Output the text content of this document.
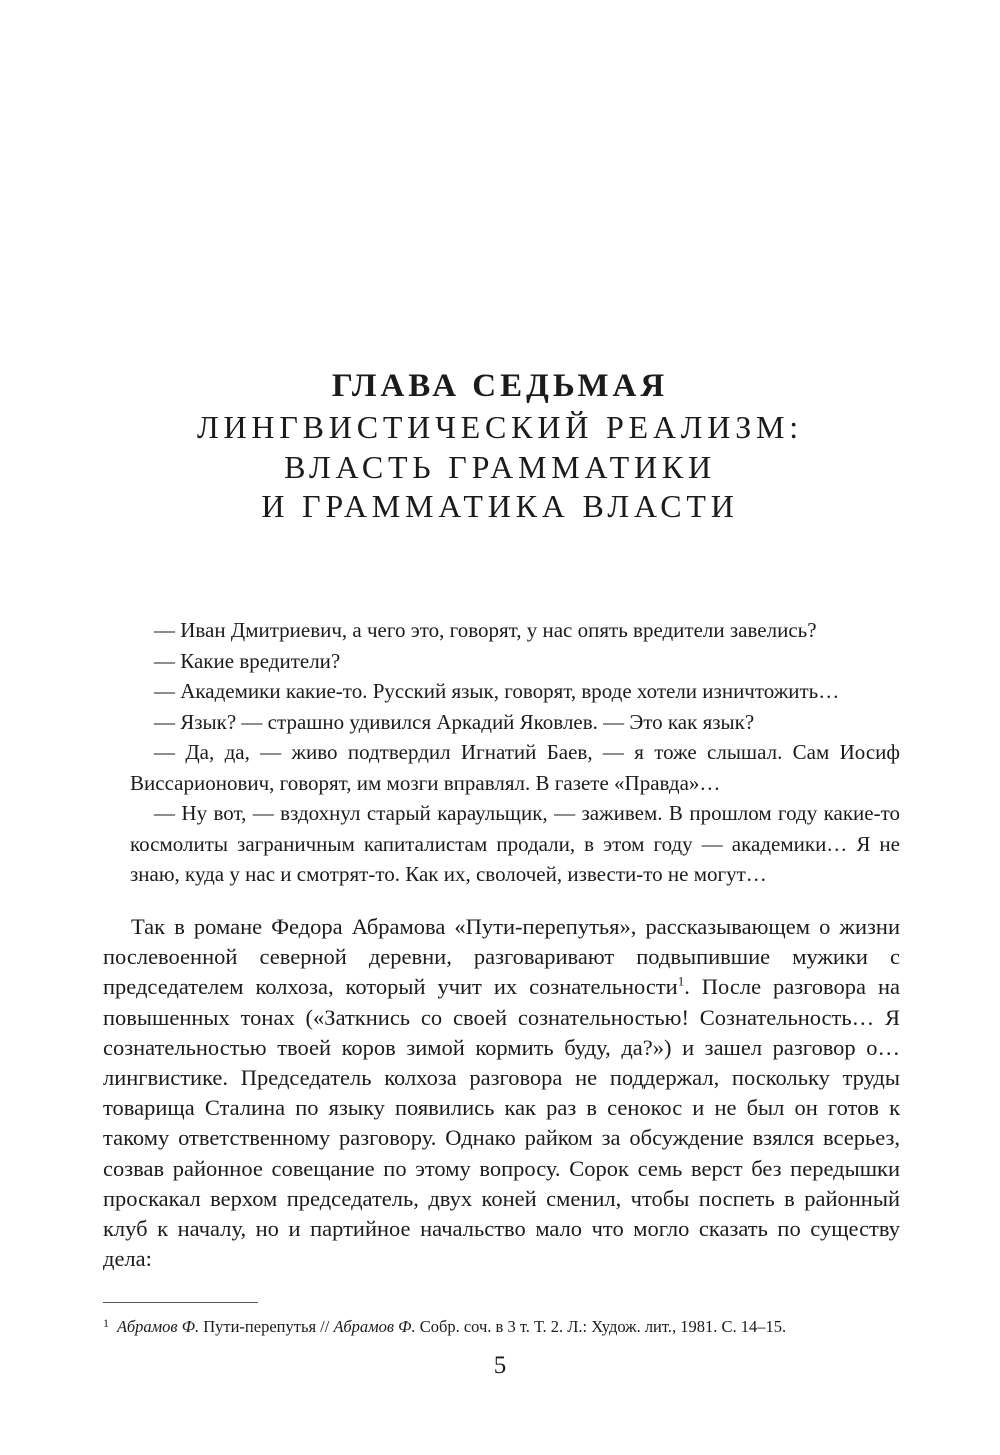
ГЛАВА СЕДЬМАЯ
ЛИНГВИСТИЧЕСКИЙ РЕАЛИЗМ:
ВЛАСТЬ ГРАММАТИКИ
И ГРАММАТИКА ВЛАСТИ

— Иван Дмитриевич, а чего это, говорят, у нас опять вредители завелись?

— Какие вредители?

— Академики какие-то. Русский язык, говорят, вроде хотели изничтожить…

— Язык? — страшно удивился Аркадий Яковлев. — Это как язык?

— Да, да, — живо подтвердил Игнатий Баев, — я тоже слышал. Сам Иосиф Виссарионович, говорят, им мозги вправлял. В газете «Правда»…

— Ну вот, — вздохнул старый караульщик, — заживем. В прошлом году какие-то космолиты заграничным капиталистам продали, в этом году — академики… Я не знаю, куда у нас и смотрят-то. Как их, сволочей, извести-то не могут…

Так в романе Федора Абрамова «Пути-перепутья», рассказывающем о жизни послевоенной северной деревни, разговаривают подвыпившие мужики с председателем колхоза, который учит их сознательности$^1$. После разговора на повышенных тонах («Заткнись со своей сознательностью! Сознательность… Я сознательностью твоей коров зимой кормить буду, да?») и зашел разговор о… лингвистике. Председатель колхоза разговора не поддержал, поскольку труды товарища Сталина по языку появились как раз в сенокос и не был он готов к такому ответственному разговору. Однако райком за обсуждение взялся всерьез, созвав районное совещание по этому вопросу. Сорок семь верст без передышки проскакал верхом председатель, двух коней сменил, чтобы поспеть в районный клуб к началу, но и партийное начальство мало что могло сказать по существу дела:

$^1$ Абрамов Ф. Пути-перепутья // Абрамов Ф. Собр. соч. в 3 т. Т. 2. Л.: Худож. лит., 1981. С. 14–15.

5
